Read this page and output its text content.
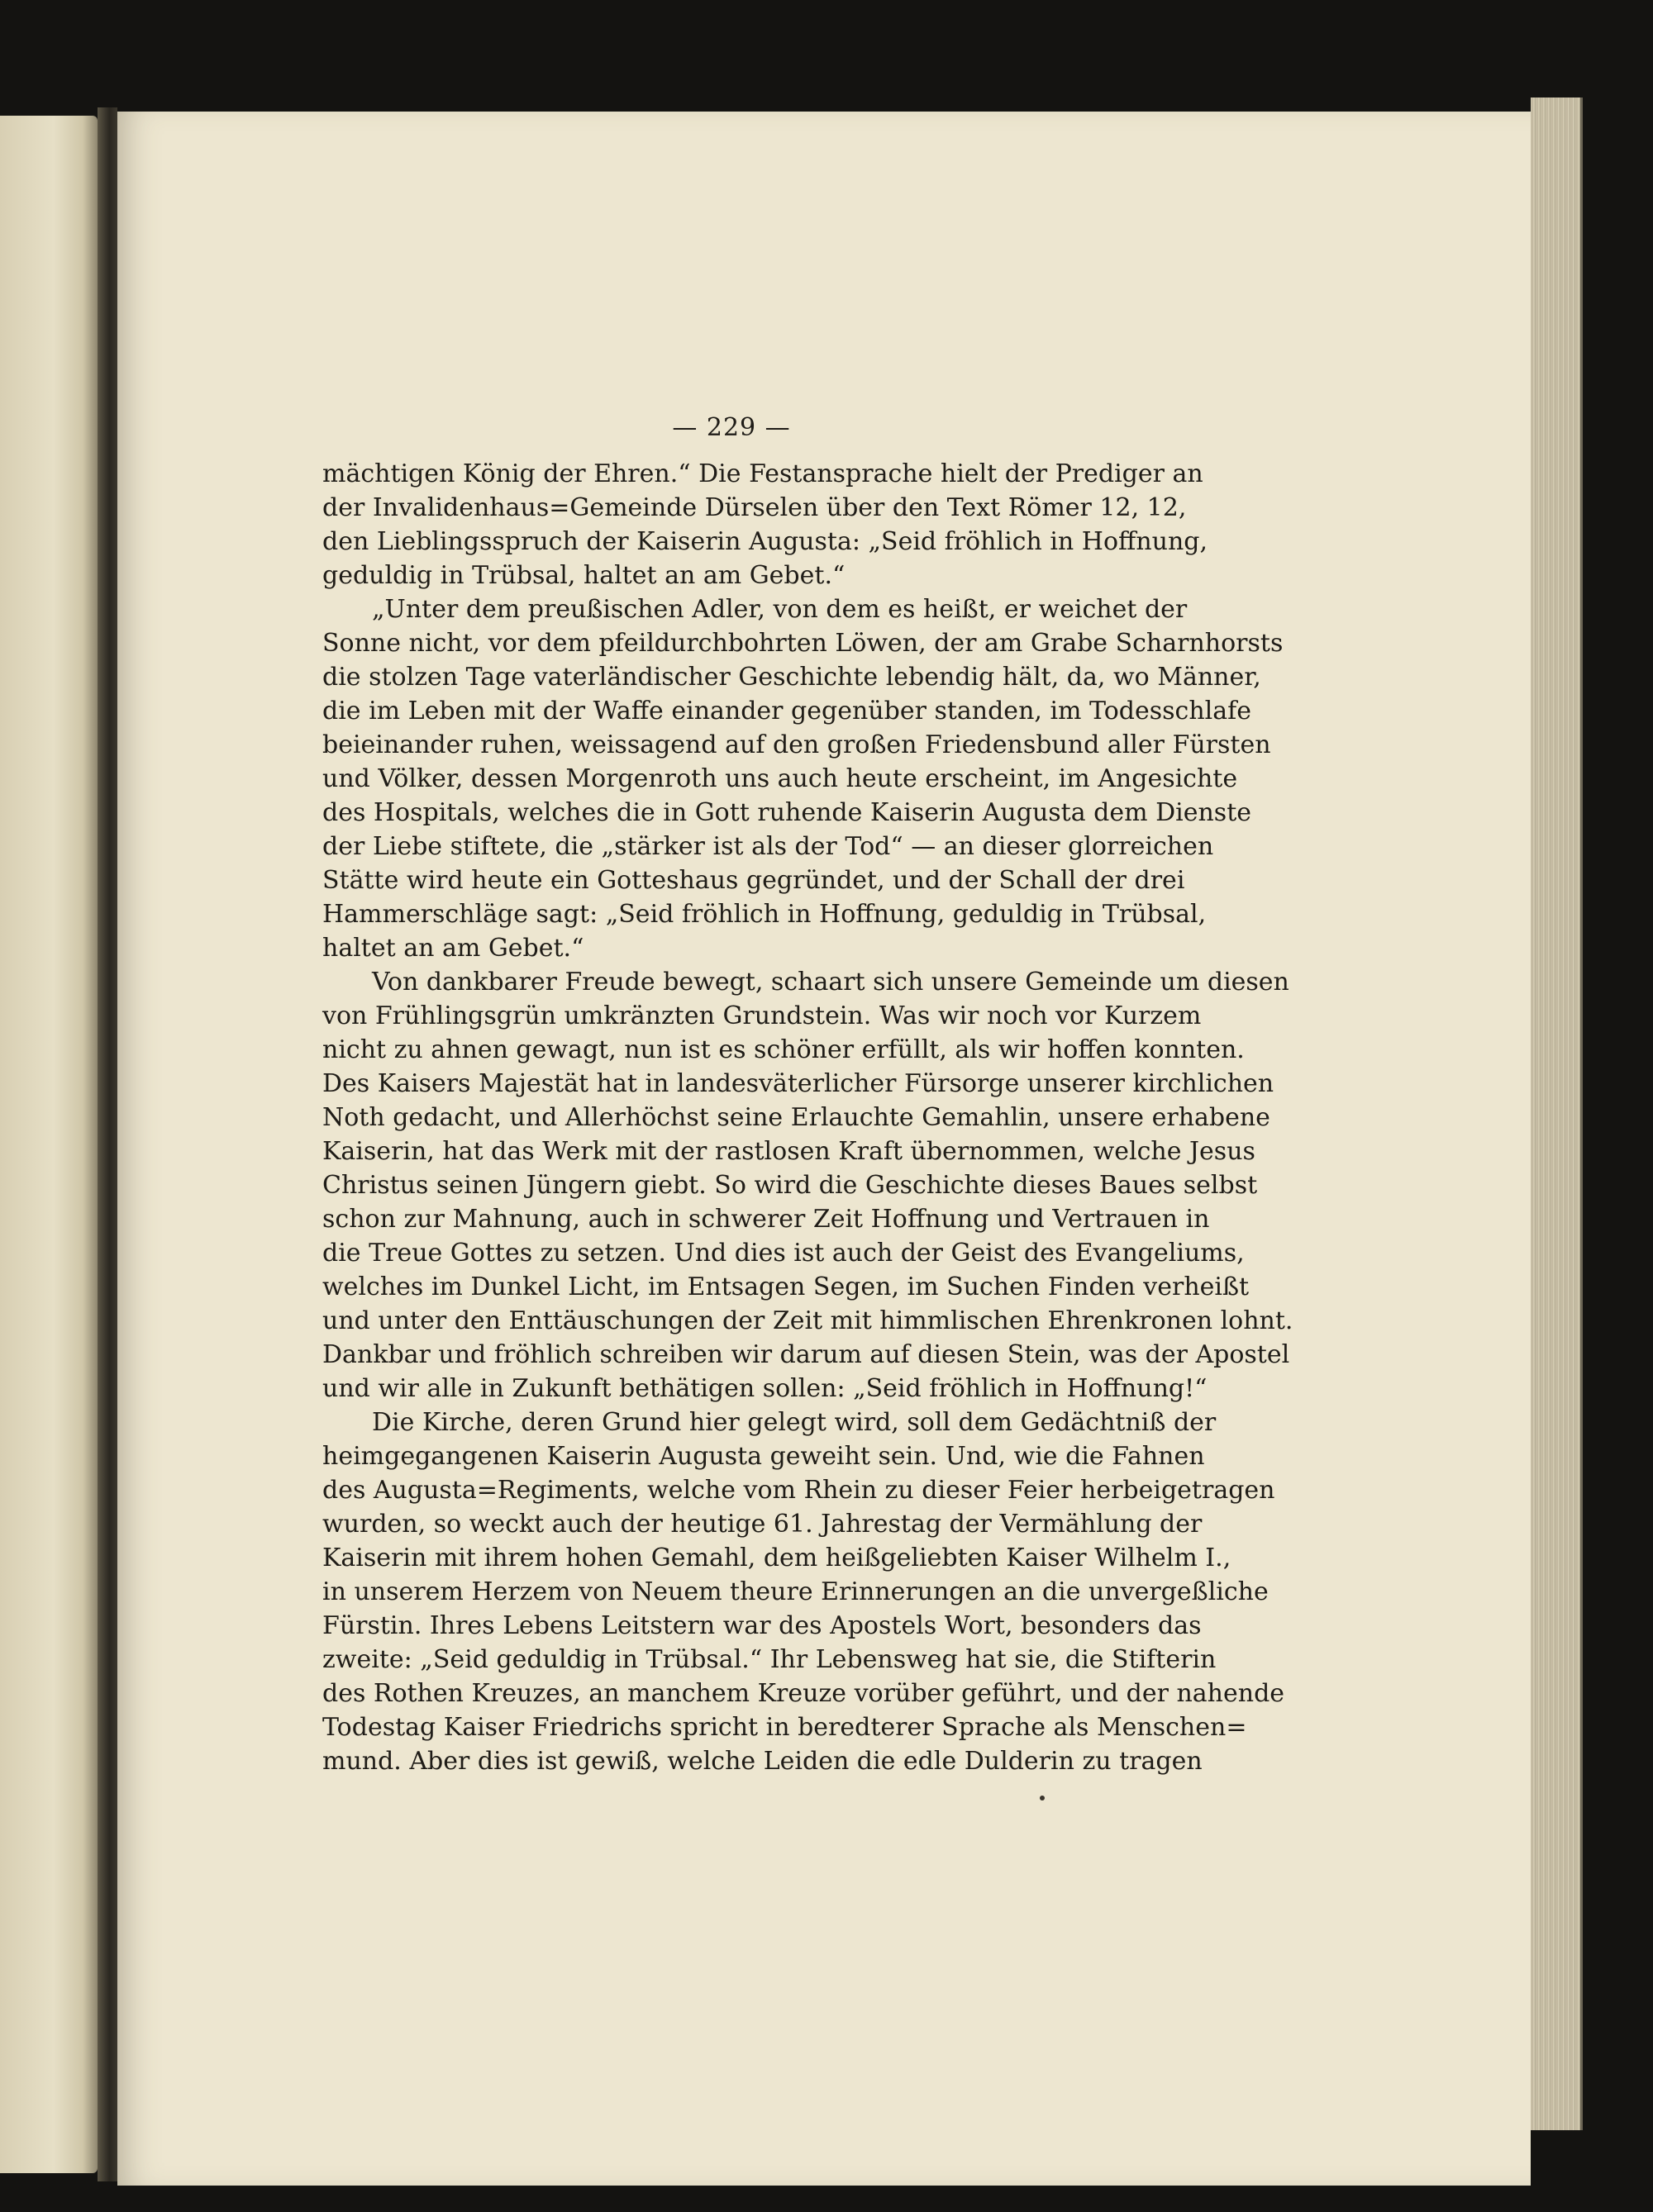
— 229 —
mächtigen König der Ehren.“ Die Festansprache hielt der Prediger an
der Invalidenhaus=Gemeinde Dürselen über den Text Römer 12, 12,
den Lieblingsspruch der Kaiserin Augusta: „Seid fröhlich in Hoffnung,
geduldig in Trübsal, haltet an am Gebet.“
„Unter dem preußischen Adler, von dem es heißt, er weichet der
Sonne nicht, vor dem pfeildurchbohrten Löwen, der am Grabe Scharnhorsts
die stolzen Tage vaterländischer Geschichte lebendig hält, da, wo Männer,
die im Leben mit der Waffe einander gegenüber standen, im Todesschlafe
beieinander ruhen, weissagend auf den großen Friedensbund aller Fürsten
und Völker, dessen Morgenroth uns auch heute erscheint, im Angesichte
des Hospitals, welches die in Gott ruhende Kaiserin Augusta dem Dienste
der Liebe stiftete, die „stärker ist als der Tod“ — an dieser glorreichen
Stätte wird heute ein Gotteshaus gegründet, und der Schall der drei
Hammerschläge sagt: „Seid fröhlich in Hoffnung, geduldig in Trübsal,
haltet an am Gebet.“
Von dankbarer Freude bewegt, schaart sich unsere Gemeinde um diesen
von Frühlingsgrün umkränzten Grundstein. Was wir noch vor Kurzem
nicht zu ahnen gewagt, nun ist es schöner erfüllt, als wir hoffen konnten.
Des Kaisers Majestät hat in landesväterlicher Fürsorge unserer kirchlichen
Noth gedacht, und Allerhöchst seine Erlauchte Gemahlin, unsere erhabene
Kaiserin, hat das Werk mit der rastlosen Kraft übernommen, welche Jesus
Christus seinen Jüngern giebt. So wird die Geschichte dieses Baues selbst
schon zur Mahnung, auch in schwerer Zeit Hoffnung und Vertrauen in
die Treue Gottes zu setzen. Und dies ist auch der Geist des Evangeliums,
welches im Dunkel Licht, im Entsagen Segen, im Suchen Finden verheißt
und unter den Enttäuschungen der Zeit mit himmlischen Ehrenkronen lohnt.
Dankbar und fröhlich schreiben wir darum auf diesen Stein, was der Apostel
und wir alle in Zukunft bethätigen sollen: „Seid fröhlich in Hoffnung!“
Die Kirche, deren Grund hier gelegt wird, soll dem Gedächtniß der
heimgegangenen Kaiserin Augusta geweiht sein. Und, wie die Fahnen
des Augusta=Regiments, welche vom Rhein zu dieser Feier herbeigetragen
wurden, so weckt auch der heutige 61. Jahrestag der Vermählung der
Kaiserin mit ihrem hohen Gemahl, dem heißgeliebten Kaiser Wilhelm I.,
in unserem Herzem von Neuem theure Erinnerungen an die unvergeßliche
Fürstin. Ihres Lebens Leitstern war des Apostels Wort, besonders das
zweite: „Seid geduldig in Trübsal.“ Ihr Lebensweg hat sie, die Stifterin
des Rothen Kreuzes, an manchem Kreuze vorüber geführt, und der nahende
Todestag Kaiser Friedrichs spricht in beredterer Sprache als Menschen=
mund. Aber dies ist gewiß, welche Leiden die edle Dulderin zu tragen
